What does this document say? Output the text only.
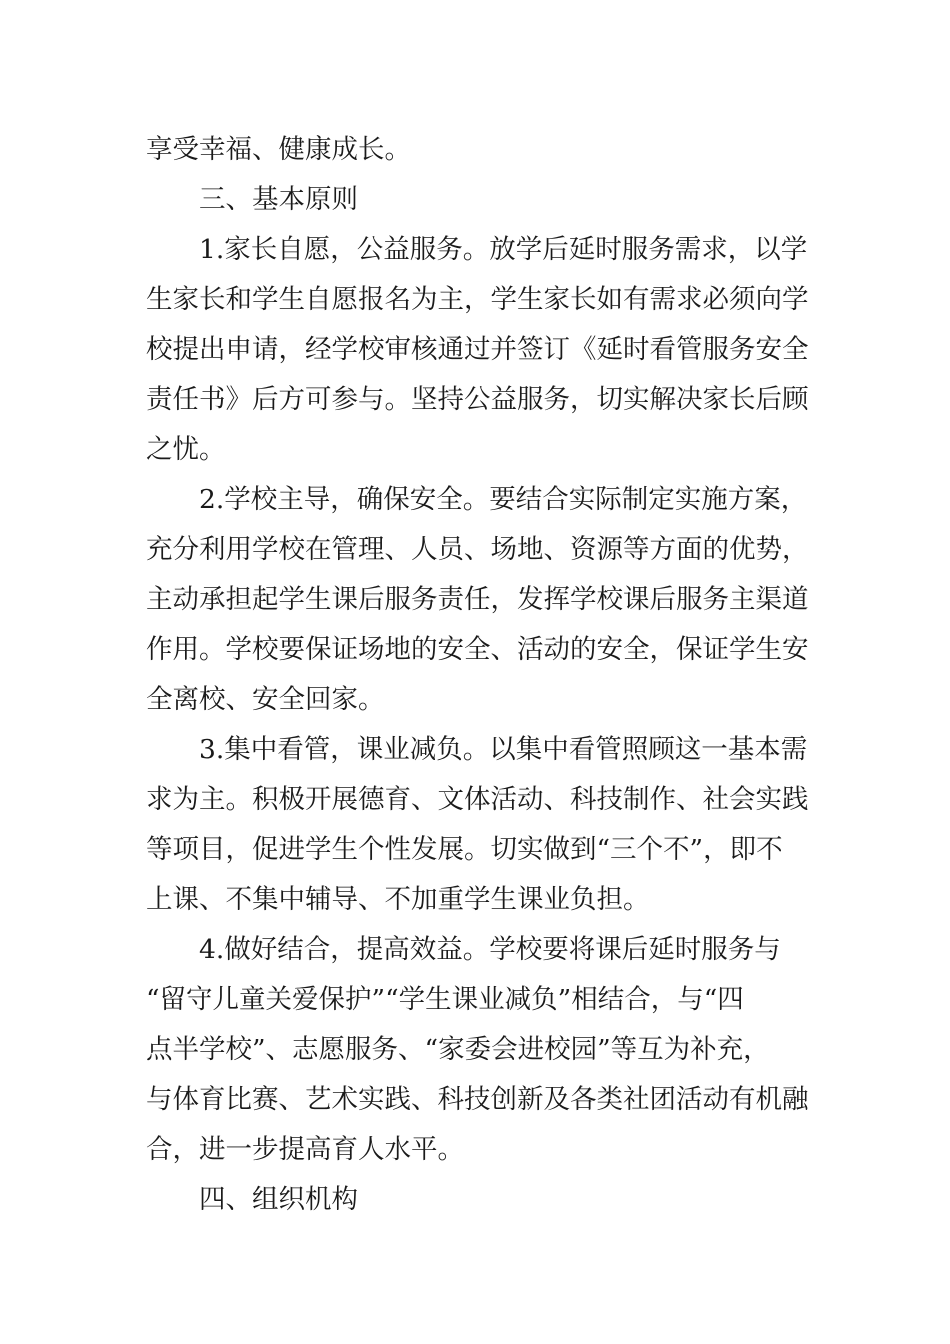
享受幸福、健康成长。
三、基本原则
1.家长自愿，公益服务。放学后延时服务需求，以学
生家长和学生自愿报名为主，学生家长如有需求必须向学
校提出申请，经学校审核通过并签订《延时看管服务安全
责任书》后方可参与。坚持公益服务，切实解决家长后顾
之忧。
2.学校主导，确保安全。要结合实际制定实施方案，
充分利用学校在管理、人员、场地、资源等方面的优势，
主动承担起学生课后服务责任，发挥学校课后服务主渠道
作用。学校要保证场地的安全、活动的安全，保证学生安
全离校、安全回家。
3.集中看管，课业减负。以集中看管照顾这一基本需
求为主。积极开展德育、文体活动、科技制作、社会实践
等项目，促进学生个性发展。切实做到“三个不”，即不
上课、不集中辅导、不加重学生课业负担。
4.做好结合，提高效益。学校要将课后延时服务与
“留守儿童关爱保护”“学生课业减负”相结合，与“四
点半学校”、志愿服务、“家委会进校园”等互为补充，
与体育比赛、艺术实践、科技创新及各类社团活动有机融
合，进一步提高育人水平。
四、组织机构
